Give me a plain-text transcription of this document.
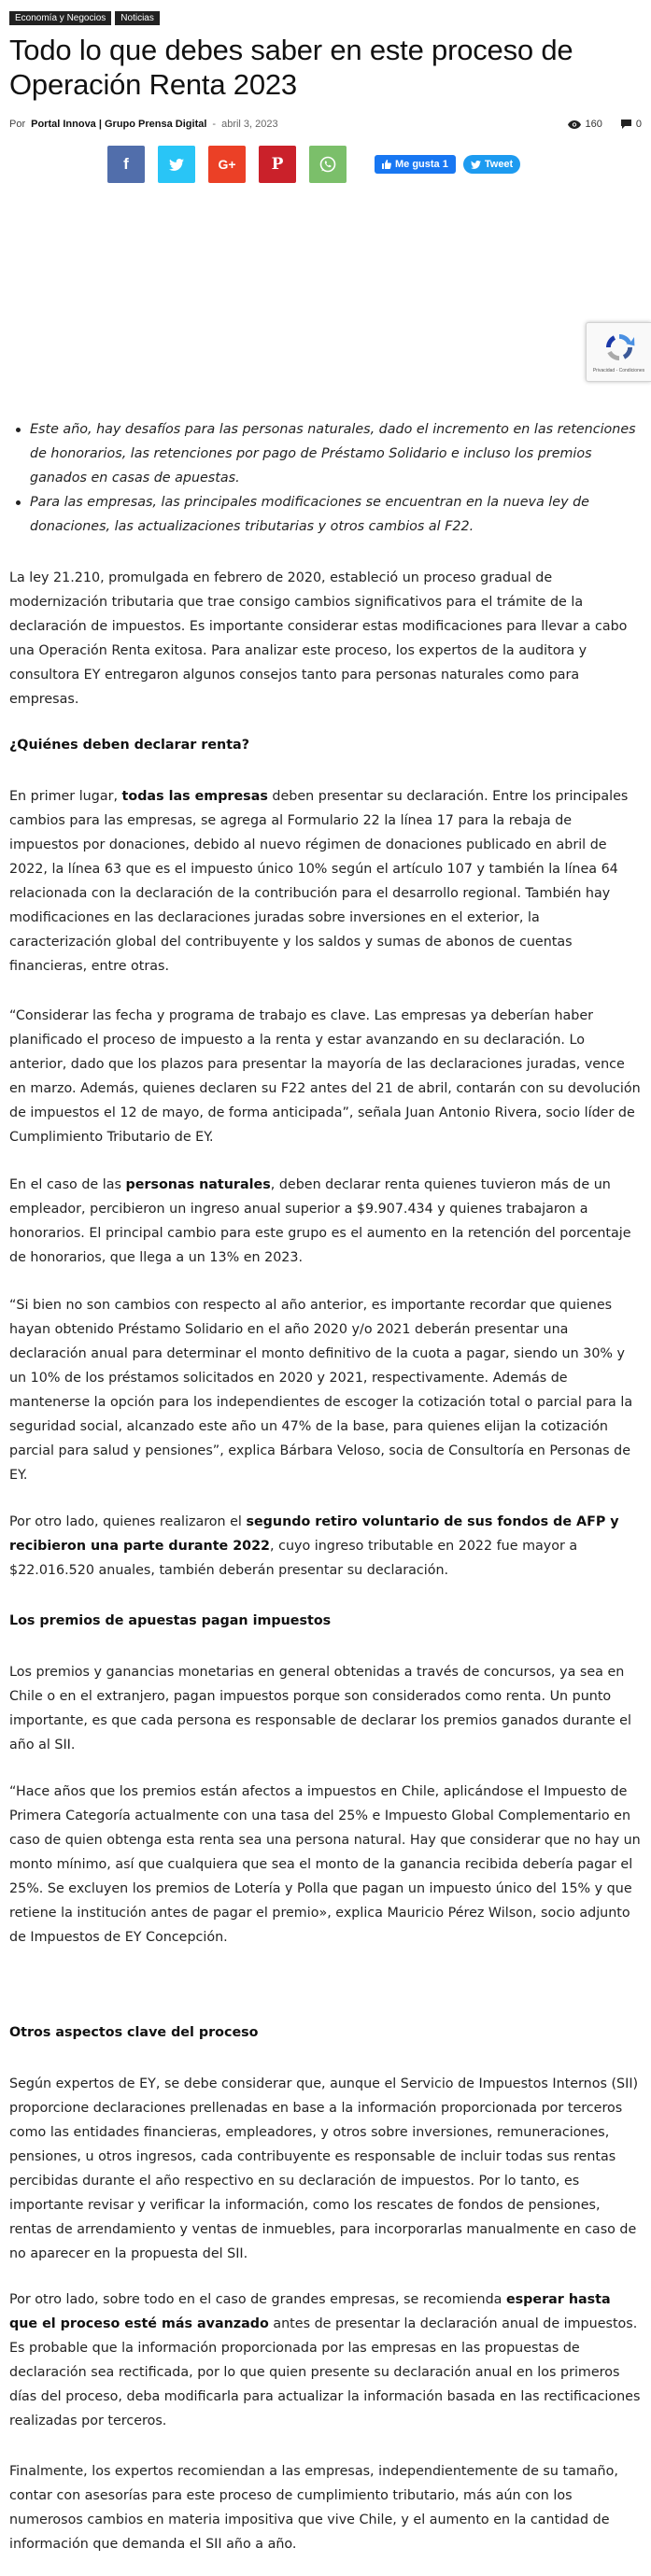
Economía y Negocios	Noticias
Todo lo que debes saber en este proceso de Operación Renta 2023
Por Portal Innova | Grupo Prensa Digital - abril 3, 2023	160	0
f	G+ P	Me gusta 1	Tweet
Privacidad - Condiciones
Este año, hay desafíos para las personas naturales, dado el incremento en las retenciones de honorarios, las retenciones por pago de Préstamo Solidario e incluso los premios ganados en casas de apuestas.
Para las empresas, las principales modificaciones se encuentran en la nueva ley de donaciones, las actualizaciones tributarias y otros cambios al F22.

La ley 21.210, promulgada en febrero de 2020, estableció un proceso gradual de modernización tributaria que trae consigo cambios significativos para el trámite de la declaración de impuestos. Es importante considerar estas modificaciones para llevar a cabo una Operación Renta exitosa. Para analizar este proceso, los expertos de la auditora y consultora EY entregaron algunos consejos tanto para personas naturales como para empresas.

¿Quiénes deben declarar renta?

En primer lugar, todas las empresas deben presentar su declaración. Entre los principales cambios para las empresas, se agrega al Formulario 22 la línea 17 para la rebaja de impuestos por donaciones, debido al nuevo régimen de donaciones publicado en abril de 2022, la línea 63 que es el impuesto único 10% según el artículo 107 y también la línea 64 relacionada con la declaración de la contribución para el desarrollo regional. También hay modificaciones en las declaraciones juradas sobre inversiones en el exterior, la caracterización global del contribuyente y los saldos y sumas de abonos de cuentas financieras, entre otras.

“Considerar las fecha y programa de trabajo es clave. Las empresas ya deberían haber planificado el proceso de impuesto a la renta y estar avanzando en su declaración. Lo anterior, dado que los plazos para presentar la mayoría de las declaraciones juradas, vence en marzo. Además, quienes declaren su F22 antes del 21 de abril, contarán con su devolución de impuestos el 12 de mayo, de forma anticipada”, señala Juan Antonio Rivera, socio líder de Cumplimiento Tributario de EY.

En el caso de las personas naturales, deben declarar renta quienes tuvieron más de un empleador, percibieron un ingreso anual superior a $9.907.434 y quienes trabajaron a honorarios. El principal cambio para este grupo es el aumento en la retención del porcentaje de honorarios, que llega a un 13% en 2023.

“Si bien no son cambios con respecto al año anterior, es importante recordar que quienes hayan obtenido Préstamo Solidario en el año 2020 y/o 2021 deberán presentar una declaración anual para determinar el monto definitivo de la cuota a pagar, siendo un 30% y un 10% de los préstamos solicitados en 2020 y 2021, respectivamente. Además de mantenerse la opción para los independientes de escoger la cotización total o parcial para la seguridad social, alcanzado este año un 47% de la base, para quienes elijan la cotización parcial para salud y pensiones”, explica Bárbara Veloso, socia de Consultoría en Personas de EY.

Por otro lado, quienes realizaron el segundo retiro voluntario de sus fondos de AFP y recibieron una parte durante 2022, cuyo ingreso tributable en 2022 fue mayor a $22.016.520 anuales, también deberán presentar su declaración.

Los premios de apuestas pagan impuestos

Los premios y ganancias monetarias en general obtenidas a través de concursos, ya sea en Chile o en el extranjero, pagan impuestos porque son considerados como renta. Un punto importante, es que cada persona es responsable de declarar los premios ganados durante el año al SII.

“Hace años que los premios están afectos a impuestos en Chile, aplicándose el Impuesto de Primera Categoría actualmente con una tasa del 25% e Impuesto Global Complementario en caso de quien obtenga esta renta sea una persona natural. Hay que considerar que no hay un monto mínimo, así que cualquiera que sea el monto de la ganancia recibida debería pagar el 25%. Se excluyen los premios de Lotería y Polla que pagan un impuesto único del 15% y que retiene la institución antes de pagar el premio», explica Mauricio Pérez Wilson, socio adjunto de Impuestos de EY Concepción.

Otros aspectos clave del proceso

Según expertos de EY, se debe considerar que, aunque el Servicio de Impuestos Internos (SII) proporcione declaraciones prellenadas en base a la información proporcionada por terceros como las entidades financieras, empleadores, y otros sobre inversiones, remuneraciones, pensiones, u otros ingresos, cada contribuyente es responsable de incluir todas sus rentas percibidas durante el año respectivo en su declaración de impuestos. Por lo tanto, es importante revisar y verificar la información, como los rescates de fondos de pensiones, rentas de arrendamiento y ventas de inmuebles, para incorporarlas manualmente en caso de no aparecer en la propuesta del SII.

Por otro lado, sobre todo en el caso de grandes empresas, se recomienda esperar hasta que el proceso esté más avanzado antes de presentar la declaración anual de impuestos. Es probable que la información proporcionada por las empresas en las propuestas de declaración sea rectificada, por lo que quien presente su declaración anual en los primeros días del proceso, deba modificarla para actualizar la información basada en las rectificaciones realizadas por terceros.

Finalmente, los expertos recomiendan a las empresas, independientemente de su tamaño, contar con asesorías para este proceso de cumplimiento tributario, más aún con los numerosos cambios en materia impositiva que vive Chile, y el aumento en la cantidad de información que demanda el SII año a año.
